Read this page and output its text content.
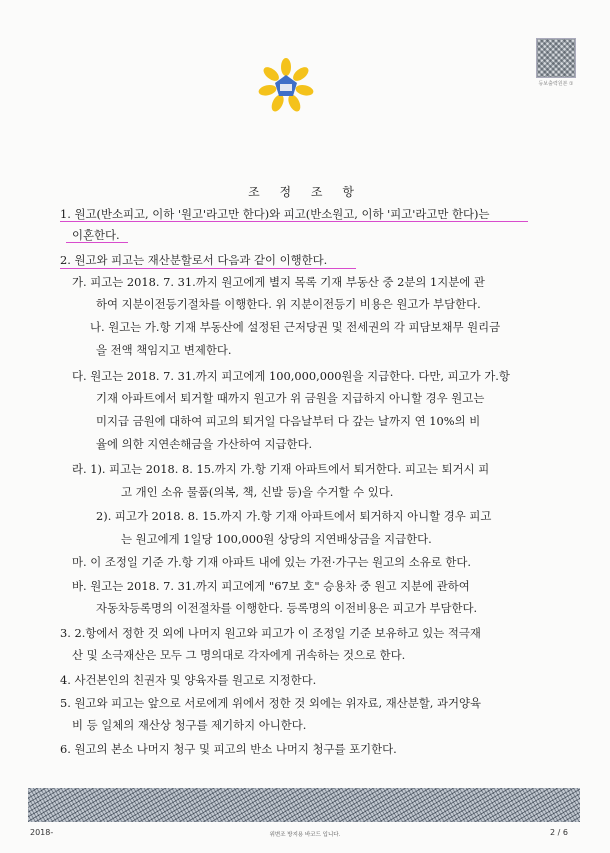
등보출력원본 ①
조 정 조 항
1. 원고(반소피고, 이하 '원고'라고만 한다)와 피고(반소원고, 이하 '피고'라고만 한다)는
이혼한다.
2. 원고와 피고는 재산분할로서 다음과 같이 이행한다.
가. 피고는 2018. 7. 31.까지 원고에게 별지 목록 기재 부동산 중 2분의 1지분에 관
하여 지분이전등기절차를 이행한다. 위 지분이전등기 비용은 원고가 부담한다.
나. 원고는 가.항 기재 부동산에 설정된 근저당권 및 전세권의 각 피담보채무 원리금
을 전액 책임지고 변제한다.
다. 원고는 2018. 7. 31.까지 피고에게 100,000,000원을 지급한다. 다만, 피고가 가.항
기재 아파트에서 퇴거할 때까지 원고가 위 금원을 지급하지 아니할 경우 원고는
미지급 금원에 대하여 피고의 퇴거일 다음날부터 다 갚는 날까지 연 10%의 비
율에 의한 지연손해금을 가산하여 지급한다.
라. 1). 피고는 2018. 8. 15.까지 가.항 기재 아파트에서 퇴거한다. 피고는 퇴거시 피
고 개인 소유 물품(의복, 책, 신발 등)을 수거할 수 있다.
2). 피고가 2018. 8. 15.까지 가.항 기재 아파트에서 퇴거하지 아니할 경우 피고
는 원고에게 1일당 100,000원 상당의 지연배상금을 지급한다.
마. 이 조정일 기준 가.항 기재 아파트 내에 있는 가전·가구는 원고의 소유로 한다.
바. 원고는 2018. 7. 31.까지 피고에게 "67보 호" 승용차 중 원고 지분에 관하여
자동차등록명의 이전절차를 이행한다. 등록명의 이전비용은 피고가 부담한다.
3. 2.항에서 정한 것 외에 나머지 원고와 피고가 이 조정일 기준 보유하고 있는 적극재
산 및 소극재산은 모두 그 명의대로 각자에게 귀속하는 것으로 한다.
4. 사건본인의 친권자 및 양육자를 원고로 지정한다.
5. 원고와 피고는 앞으로 서로에게 위에서 정한 것 외에는 위자료, 재산분할, 과거양육
비 등 일체의 재산상 청구를 제기하지 아니한다.
6. 원고의 본소 나머지 청구 및 피고의 반소 나머지 청구를 포기한다.
2018-	위변조 방지용 바코드 입니다.	2 / 6
